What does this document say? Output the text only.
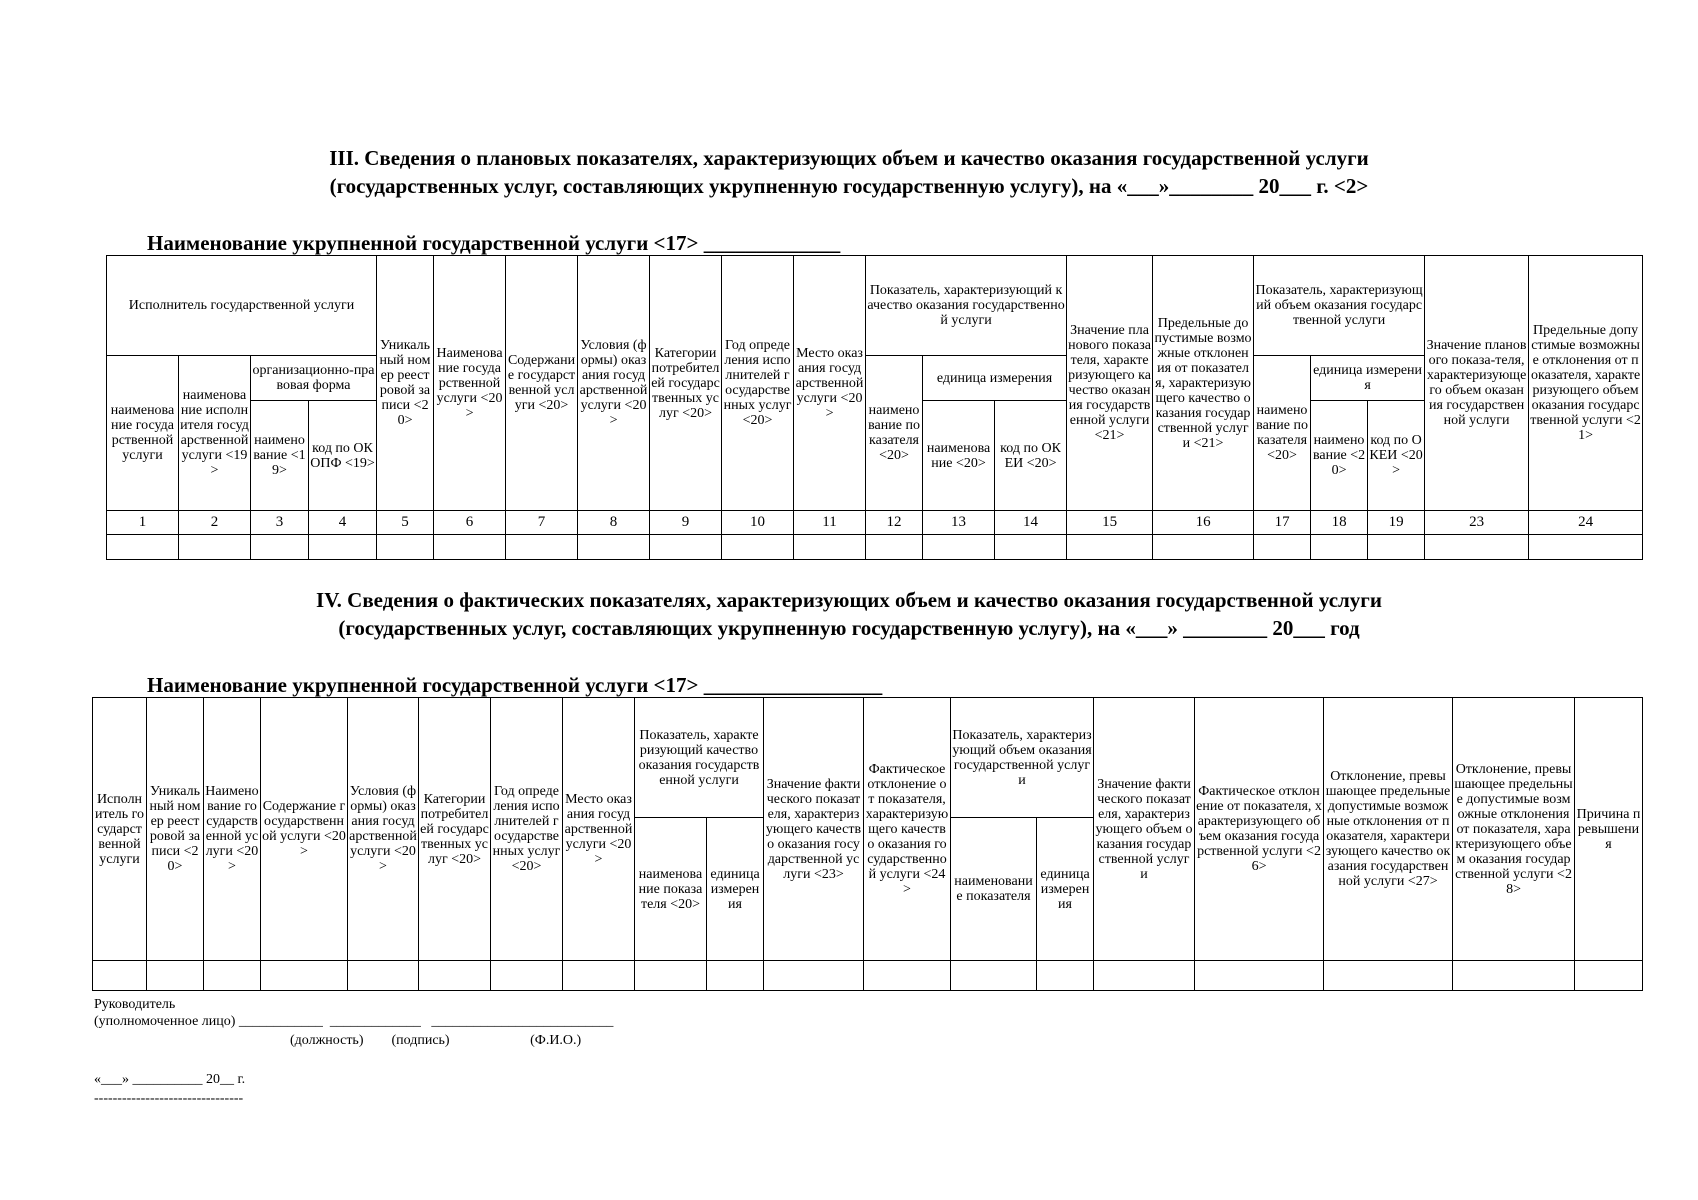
III. Сведения о плановых показателях, характеризующих объем и качество оказания государственной услуги
(государственных услуг, составляющих укрупненную государственную услугу), на «___»________ 20___ г. <2>
Наименование укрупненной государственной услуги <17> _____________
Исполнитель государственной услуги				Уникальный номер реестровой записи <20>	Наименование государственной услуги <20>	Содержание государственной услуги <20>	Условия (формы) оказания государственной услуги <20>	Категории потребителей государственных услуг <20>	Год определения исполнителей государственных услуг <20>	Место оказания государственной услуги <20>	Показатель, характеризующий качество оказания государственной услуги			Значение планового показателя, характеризующего качество оказания государственной услуги <21>	Предельные допустимые возможные отклонения от показателя, характеризующего качество оказания государственной услуги <21>	Показатель, характеризующий объем оказания государственной услуги			Значение планового показа-теля, характеризующего объем оказания государственной услуги	Предельные допустимые возможные отклонения от показателя, характеризующего объем оказания государственной услуги <21>
наименование государственной услуги	наименование исполнителя государственной услуги <19>	организационно-правовая форма									наименование показателя <20>	единица измерения				наименование показателя <20>	единица измерения			
		наименование <19>	код по ОКОПФ <19>									наименование <20>	код по ОКЕИ <20>				наименование <20>	код по ОКЕИ <20>		
1	2	3	4	5	6	7	8	9	10	11	12	13	14	15	16	17	18	19	23	24

IV. Сведения о фактических показателях, характеризующих объем и качество оказания государственной услуги
(государственных услуг, составляющих укрупненную государственную услугу), на «___» ________ 20___ год
Наименование укрупненной государственной услуги <17> _________________
Исполнитель государственной услуги	Уникальный номер реестровой записи <20>	Наименование государственной услуги <20>	Содержание государственной услуги <20>	Условия (формы) оказания государственной услуги <20>	Категории потребителей государственных услуг <20>	Год определения исполнителей государственных услуг <20>	Место оказания государственной услуги <20>	Показатель, характеризующий качество оказания государственной услуги		Значение фактического показателя, характеризующего качество оказания государственной услуги <23>	Фактическое отклонение от показателя, характеризующего качество оказания государственной услуги <24>	Показатель, характеризующий объем оказания государственной услуги		Значение фактического показателя, характеризующего объем оказания государственной услуги	Фактическое отклонение от показателя, характеризующего объем оказания государственной услуги <26>	Отклонение, превышающее предельные допустимые возможные отклонения от показателя, характеризующего качество оказания государственной услуги <27>	Отклонение, превышающее предельные допустимые возможные отклонения от показателя, характеризующего объем оказания государственной услуги <28>	Причина превышения
								наименование показателя <20>	единица измерения			наименование показателя	единица измерения					

Руководитель
(уполномоченное лицо) ____________  _____________   __________________________
(должность)        (подпись)                       (Ф.И.О.)
«___» __________ 20__ г.
--------------------------------
